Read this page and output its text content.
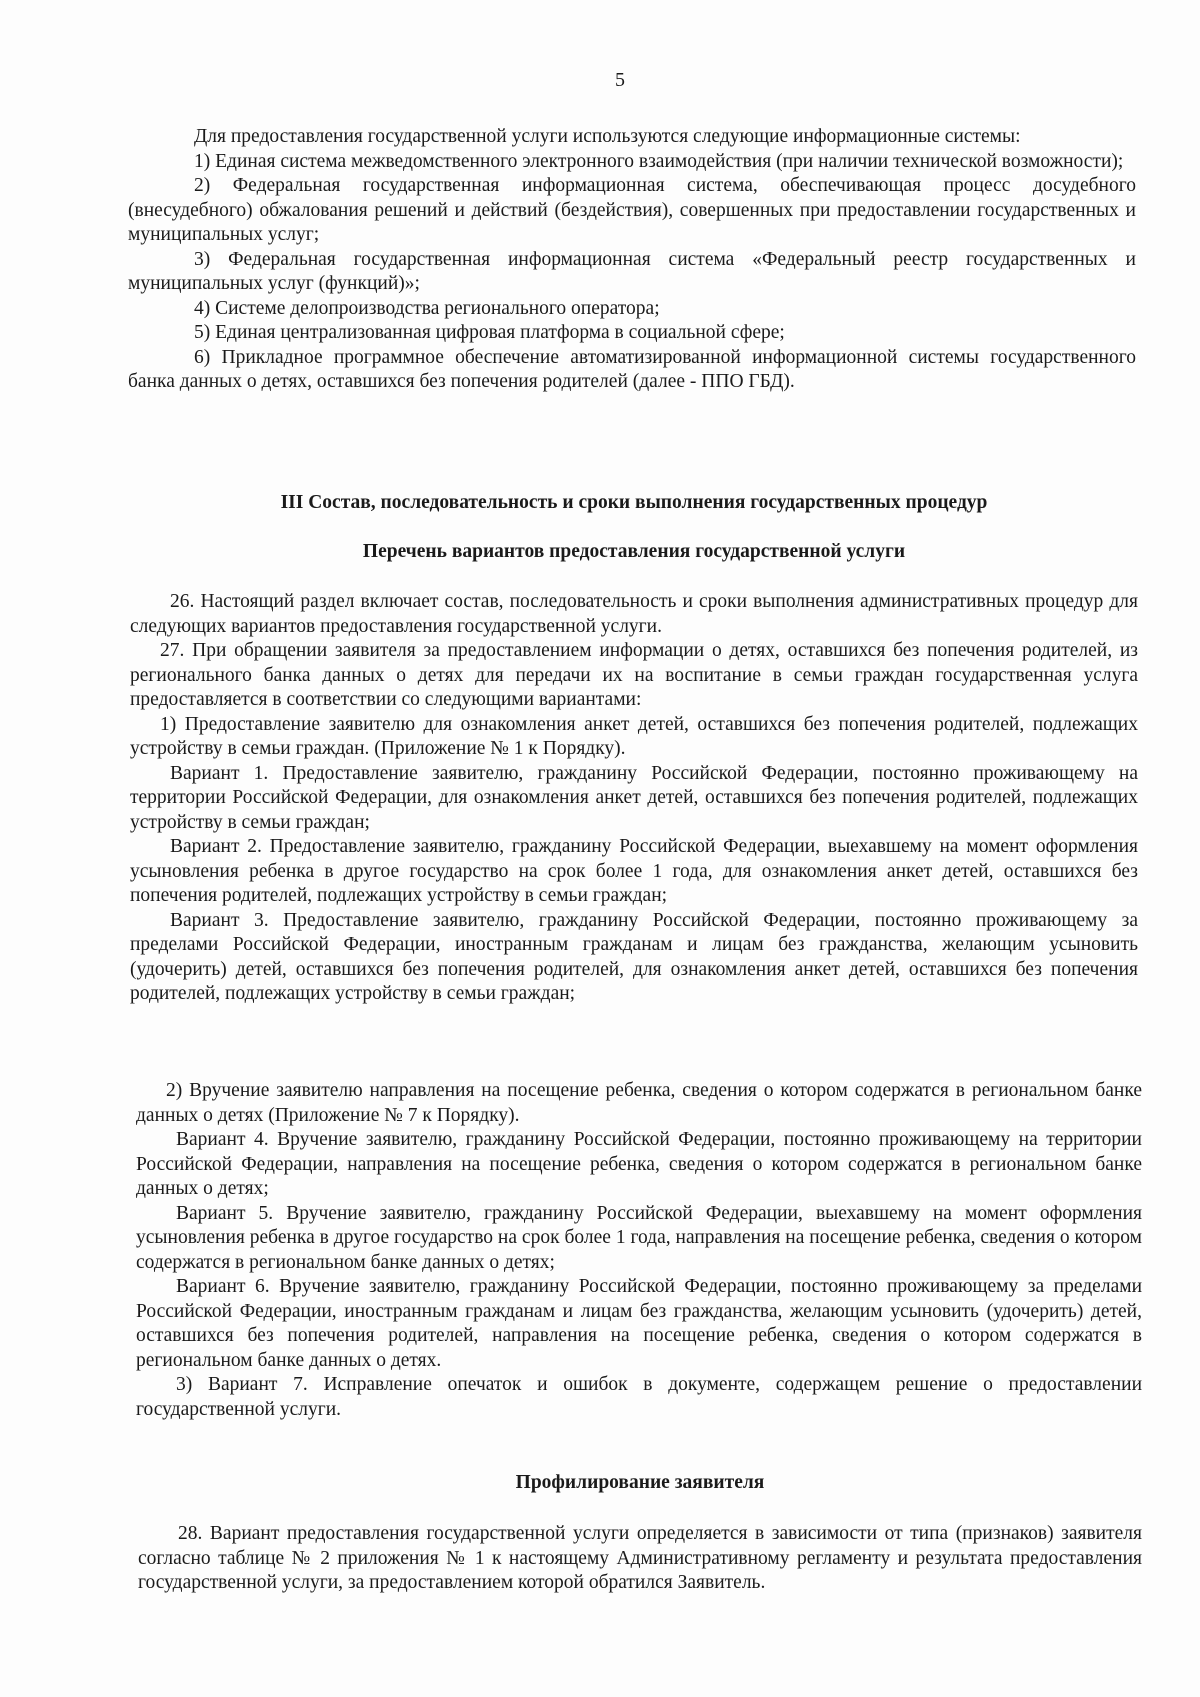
5

Для предоставления государственной услуги используются следующие информационные системы:

1) Единая система межведомственного электронного взаимодействия (при наличии технической возможности);

2) Федеральная государственная информационная система, обеспечивающая процесс досудебного (внесудебного) обжалования решений и действий (бездействия), совершенных при предоставлении государственных и муниципальных услуг;

3) Федеральная государственная информационная система «Федеральный реестр государственных и муниципальных услуг (функций)»;

4) Системе делопроизводства регионального оператора;

5) Единая централизованная цифровая платформа в социальной сфере;

6) Прикладное программное обеспечение автоматизированной информационной системы государственного банка данных о детях, оставшихся без попечения родителей (далее - ППО ГБД).

III Состав, последовательность и сроки выполнения государственных процедур
Перечень вариантов предоставления государственной услуги

26. Настоящий раздел включает состав, последовательность и сроки выполнения административных процедур для следующих вариантов предоставления государственной услуги.

27. При обращении заявителя за предоставлением информации о детях, оставшихся без попечения родителей, из регионального банка данных о детях для передачи их на воспитание в семьи граждан государственная услуга предоставляется в соответствии со следующими вариантами:

1) Предоставление заявителю для ознакомления анкет детей, оставшихся без попечения родителей, подлежащих устройству в семьи граждан. (Приложение № 1 к Порядку).

Вариант 1. Предоставление заявителю, гражданину Российской Федерации, постоянно проживающему на территории Российской Федерации, для ознакомления анкет детей, оставшихся без попечения родителей, подлежащих устройству в семьи граждан;

Вариант 2. Предоставление заявителю, гражданину Российской Федерации, выехавшему на момент оформления усыновления ребенка в другое государство на срок более 1 года, для ознакомления анкет детей, оставшихся без попечения родителей, подлежащих устройству в семьи граждан;

Вариант 3. Предоставление заявителю, гражданину Российской Федерации, постоянно проживающему за пределами Российской Федерации, иностранным гражданам и лицам без гражданства, желающим усыновить (удочерить) детей, оставшихся без попечения родителей, для ознакомления анкет детей, оставшихся без попечения родителей, подлежащих устройству в семьи граждан;

2) Вручение заявителю направления на посещение ребенка, сведения о котором содержатся в региональном банке данных о детях (Приложение № 7 к Порядку).

Вариант 4. Вручение заявителю, гражданину Российской Федерации, постоянно проживающему на территории Российской Федерации, направления на посещение ребенка, сведения о котором содержатся в региональном банке данных о детях;

Вариант 5. Вручение заявителю, гражданину Российской Федерации, выехавшему на момент оформления усыновления ребенка в другое государство на срок более 1 года, направления на посещение ребенка, сведения о котором содержатся в региональном банке данных о детях;

Вариант 6. Вручение заявителю, гражданину Российской Федерации, постоянно проживающему за пределами Российской Федерации, иностранным гражданам и лицам без гражданства, желающим усыновить (удочерить) детей, оставшихся без попечения родителей, направления на посещение ребенка, сведения о котором содержатся в региональном банке данных о детях.

3) Вариант 7. Исправление опечаток и ошибок в документе, содержащем решение о предоставлении государственной услуги.

Профилирование заявителя

28. Вариант предоставления государственной услуги определяется в зависимости от типа (признаков) заявителя согласно таблице № 2 приложения № 1 к настоящему Административному регламенту и результата предоставления государственной услуги, за предоставлением которой обратился Заявитель.
